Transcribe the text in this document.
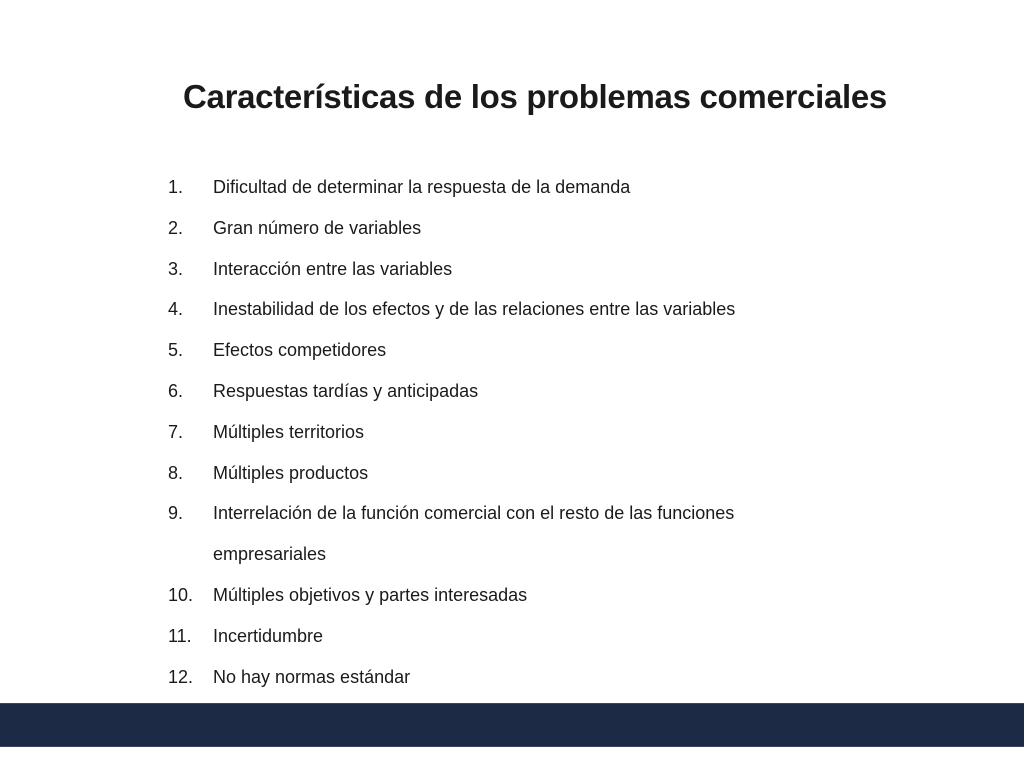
Características de los problemas comerciales
1.	Dificultad de determinar la respuesta de la demanda
2.	Gran número de variables
3.	Interacción entre las variables
4.	Inestabilidad de los efectos y de las relaciones entre las variables
5.	Efectos competidores
6.	Respuestas tardías y anticipadas
7.	Múltiples territorios
8.	Múltiples productos
9.	Interrelación de la función comercial con el resto de las funciones empresariales
10.	Múltiples objetivos y partes interesadas
11.	Incertidumbre
12.	No hay normas estándar
